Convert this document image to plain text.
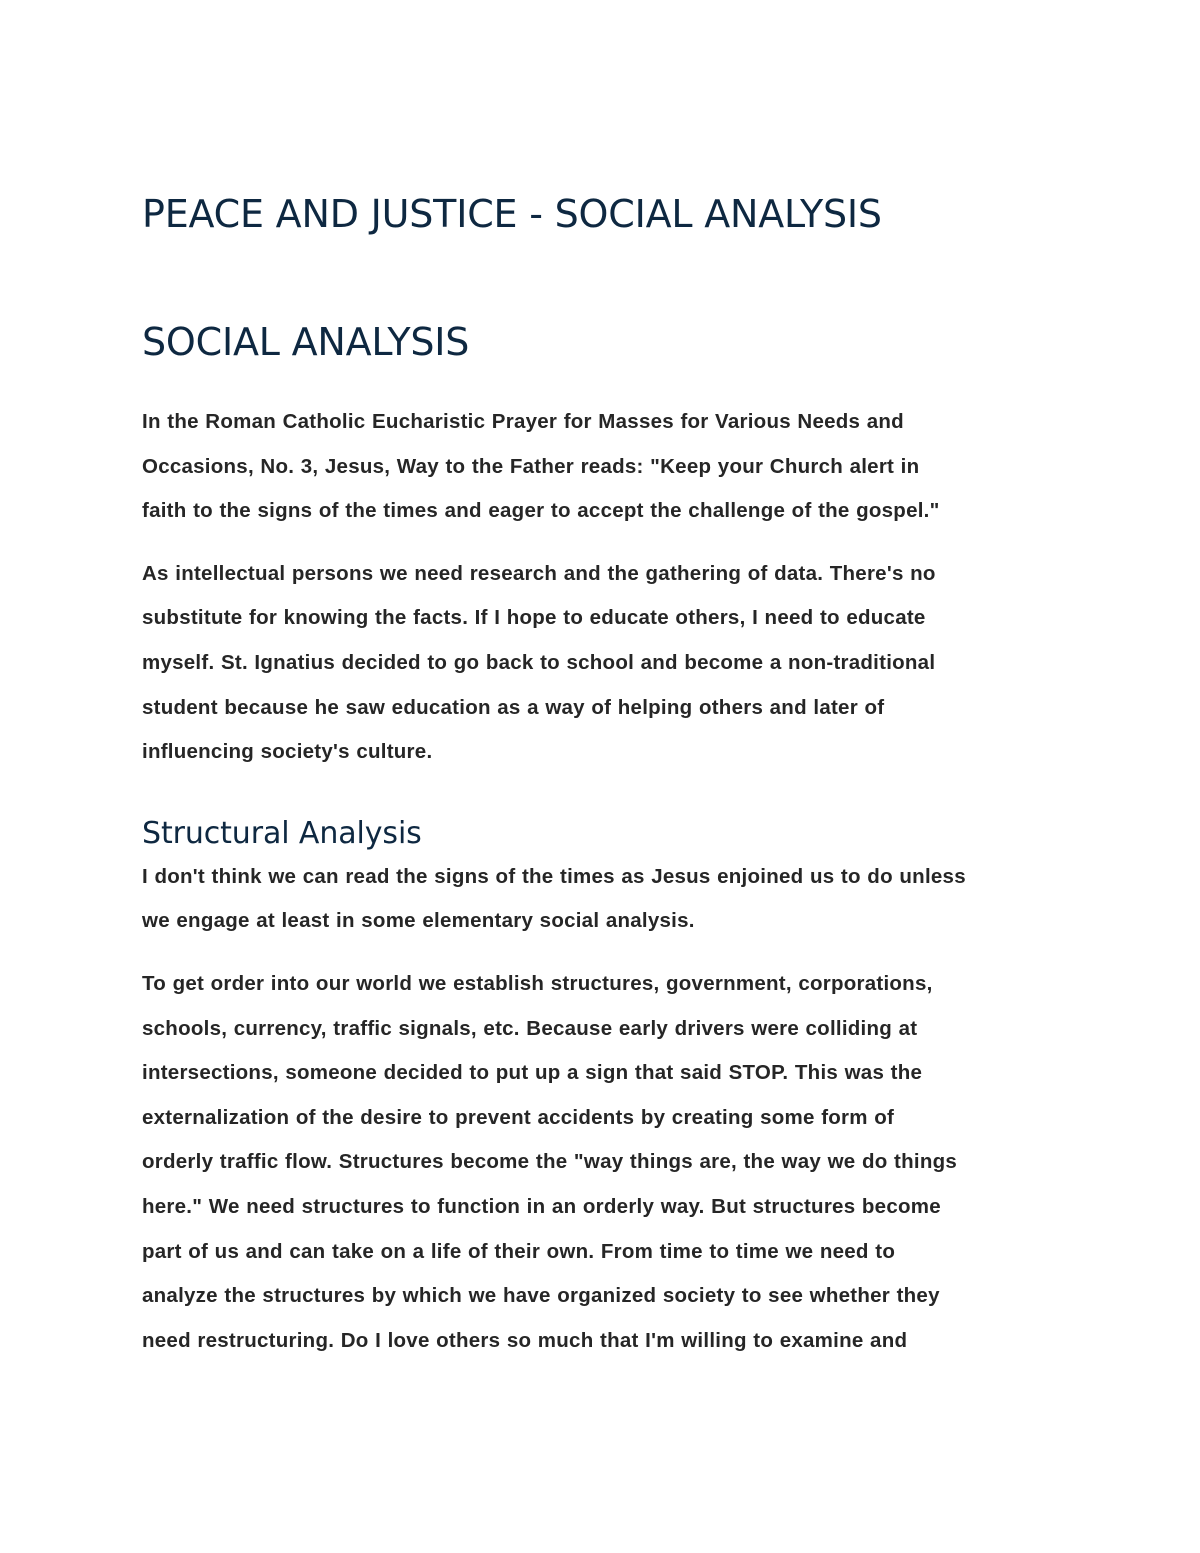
PEACE AND JUSTICE - SOCIAL ANALYSIS
SOCIAL ANALYSIS

In the Roman Catholic Eucharistic Prayer for Masses for Various Needs and
Occasions, No. 3, Jesus, Way to the Father reads: "Keep your Church alert in
faith to the signs of the times and eager to accept the challenge of the gospel."

As intellectual persons we need research and the gathering of data. There's no
substitute for knowing the facts. If I hope to educate others, I need to educate
myself. St. Ignatius decided to go back to school and become a non-traditional
student because he saw education as a way of helping others and later of
influencing society's culture.

Structural Analysis

I don't think we can read the signs of the times as Jesus enjoined us to do unless
we engage at least in some elementary social analysis.

To get order into our world we establish structures, government, corporations,
schools, currency, traffic signals, etc. Because early drivers were colliding at
intersections, someone decided to put up a sign that said STOP. This was the
externalization of the desire to prevent accidents by creating some form of
orderly traffic flow. Structures become the "way things are, the way we do things
here." We need structures to function in an orderly way. But structures become
part of us and can take on a life of their own. From time to time we need to
analyze the structures by which we have organized society to see whether they
need restructuring. Do I love others so much that I'm willing to examine and
